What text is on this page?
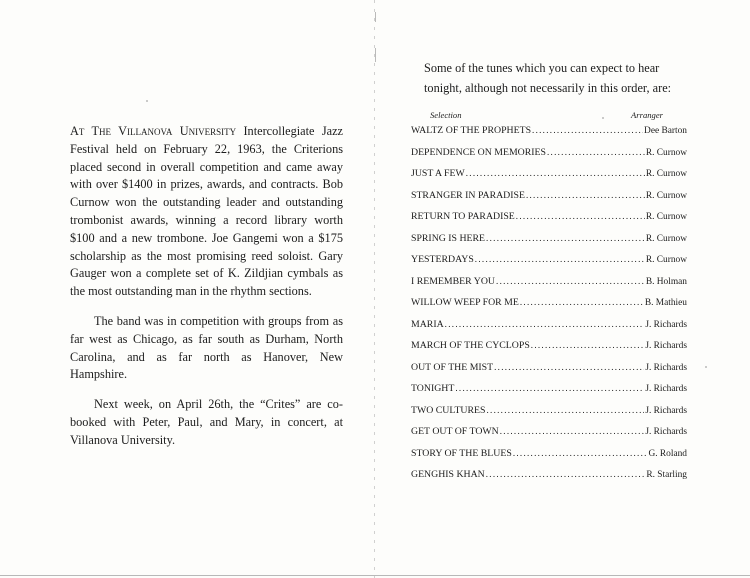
At The Villanova University Intercollegiate Jazz Festival held on February 22, 1963, the Criterions placed second in overall competition and came away with over $1400 in prizes, awards, and contracts. Bob Curnow won the outstanding leader and outstanding trombonist awards, winning a record library worth $100 and a new trombone. Joe Gangemi won a $175 scholarship as the most promising reed soloist. Gary Gauger won a complete set of K. Zildjian cymbals as the most outstanding man in the rhythm sections.

The band was in competition with groups from as far west as Chicago, as far south as Durham, North Carolina, and as far north as Hanover, New Hampshire.

Next week, on April 26th, the “Crites” are co-booked with Peter, Paul, and Mary, in concert, at Villanova University.

Some of the tunes which you can expect to hear tonight, although not necessarily in this order, are:
Selection	Arranger
WALTZ OF THE PROPHETS .....	Dee Barton
DEPENDENCE ON MEMORIES .....	R. Curnow
JUST A FEW .....	R. Curnow
STRANGER IN PARADISE .....	R. Curnow
RETURN TO PARADISE .....	R. Curnow
SPRING IS HERE .....	R. Curnow
YESTERDAYS .....	R. Curnow
I REMEMBER YOU .....	B. Holman
WILLOW WEEP FOR ME .....	B. Mathieu
MARIA .....	J. Richards
MARCH OF THE CYCLOPS .....	J. Richards
OUT OF THE MIST .....	J. Richards
TONIGHT .....	J. Richards
TWO CULTURES .....	J. Richards
GET OUT OF TOWN .....	J. Richards
STORY OF THE BLUES .....	G. Roland
GENGHIS KHAN .....	R. Starling
